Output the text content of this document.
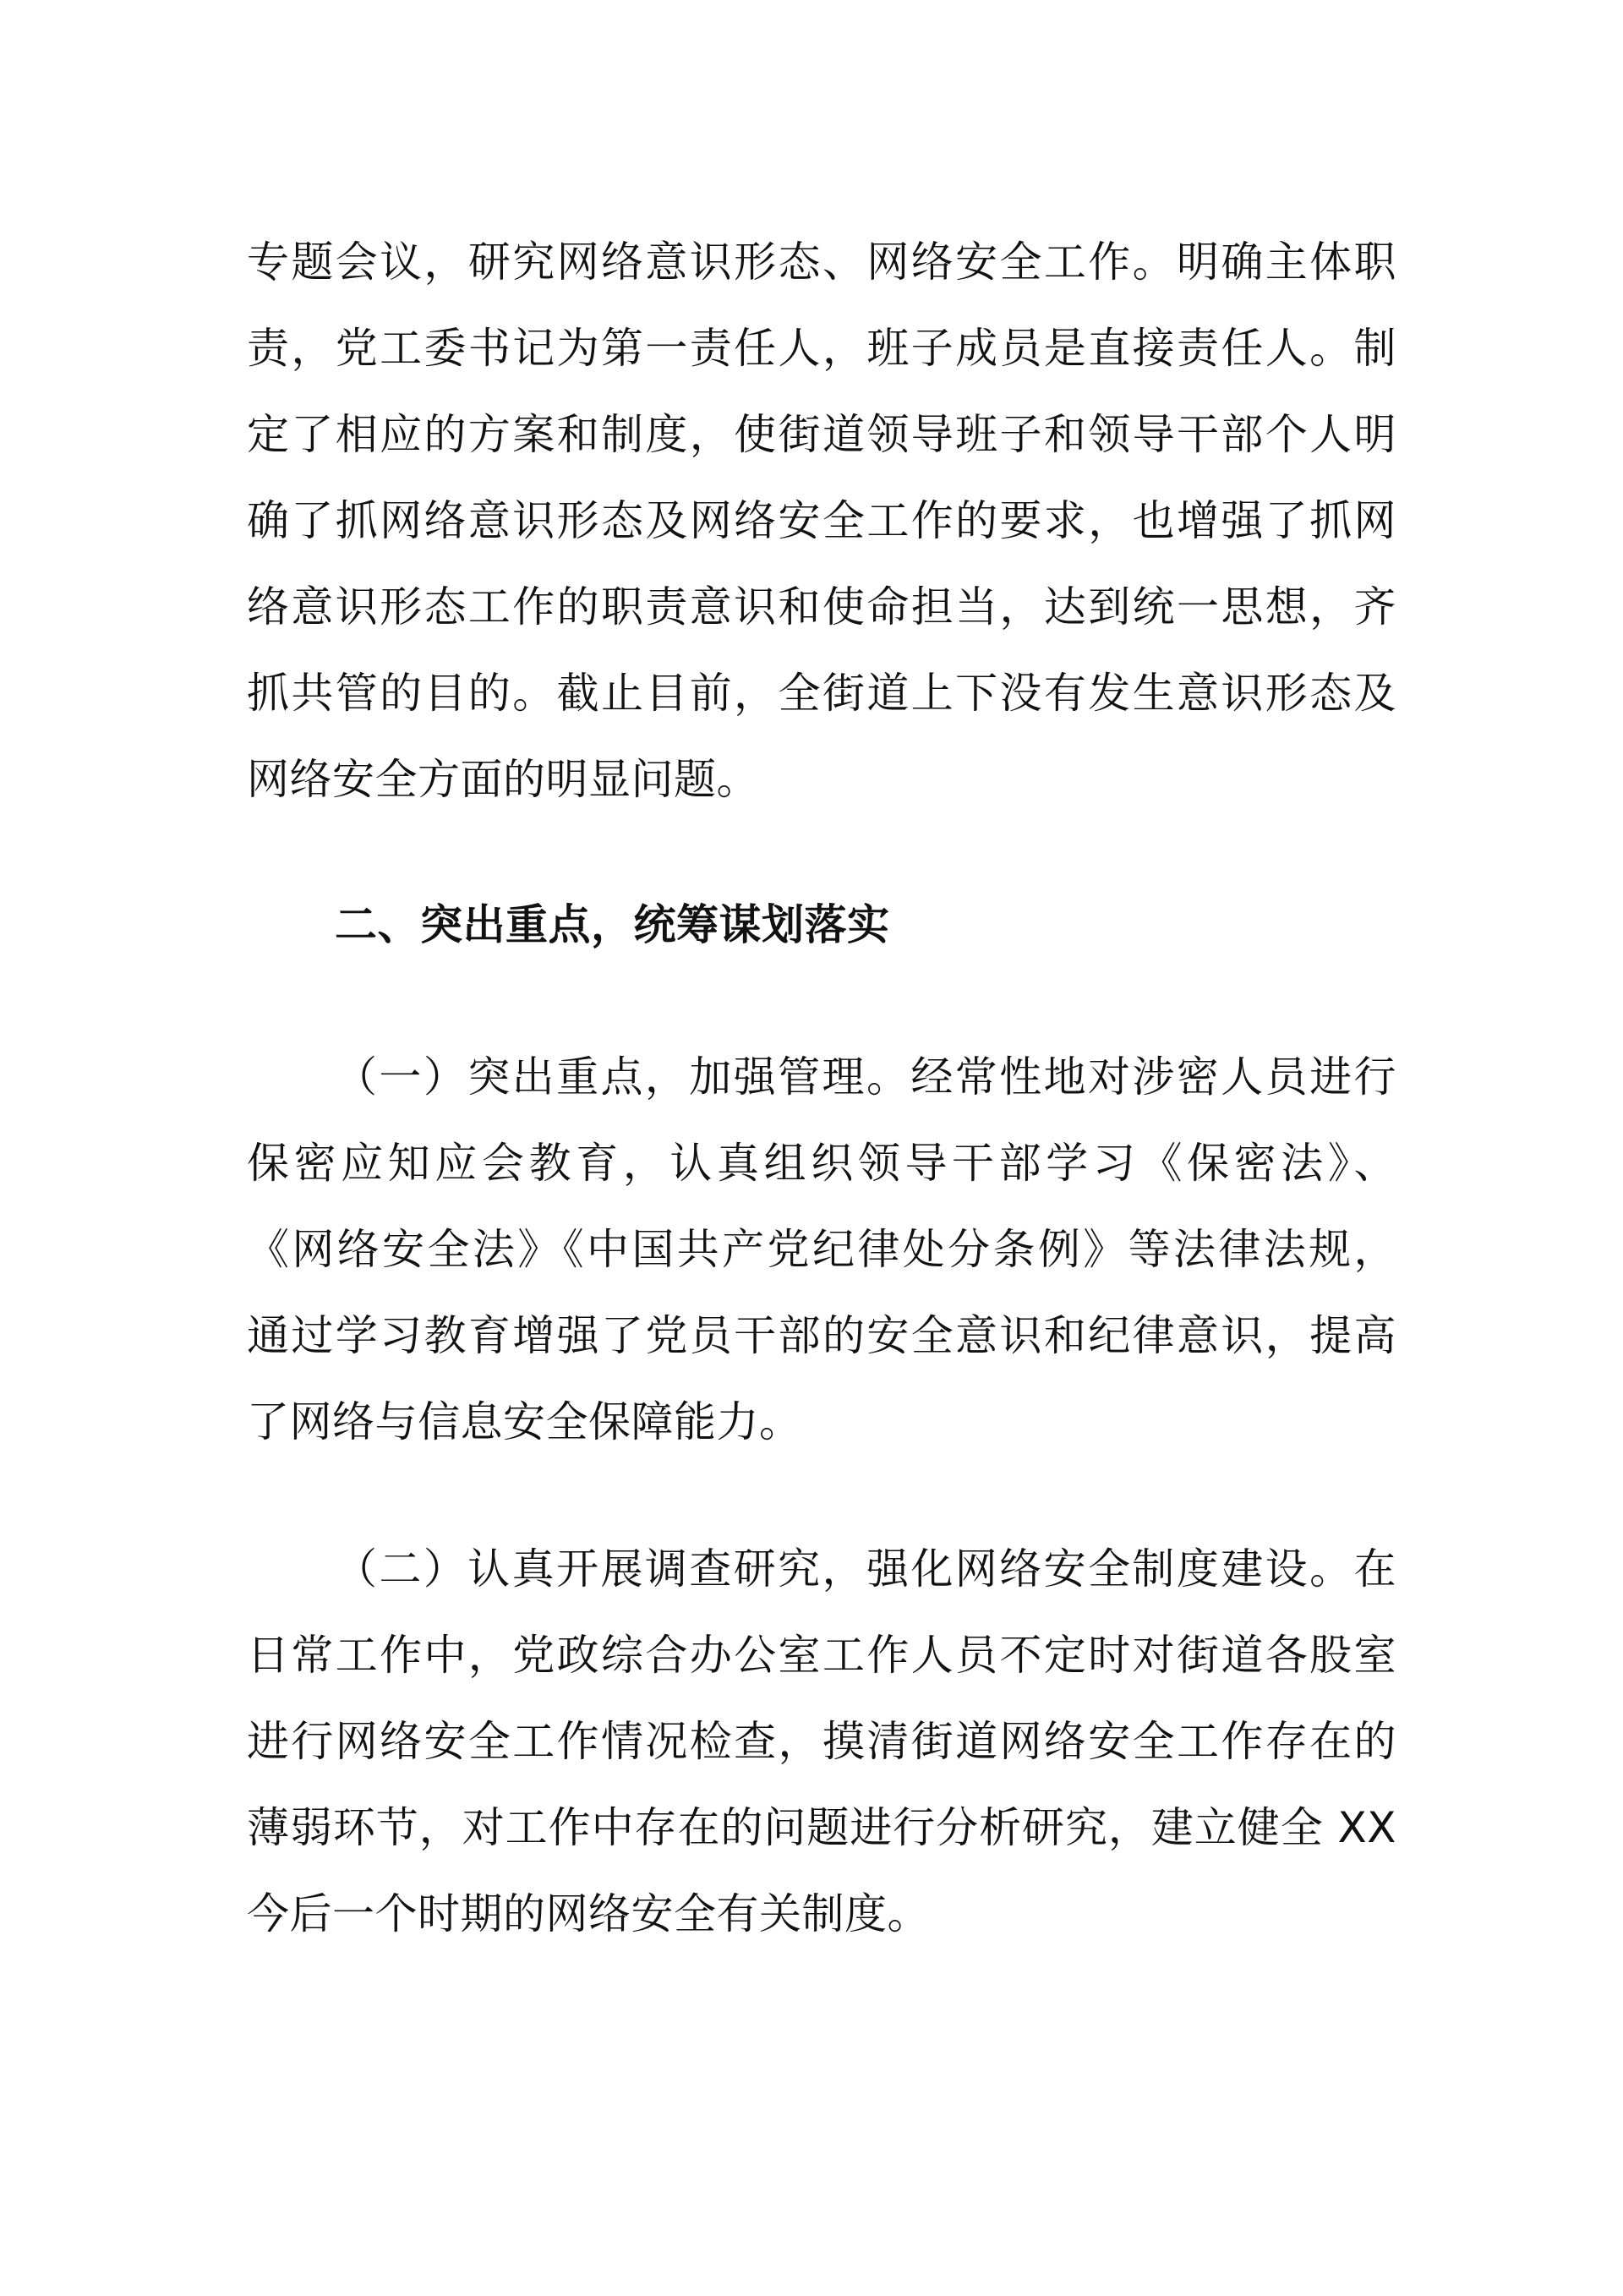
专题会议，研究网络意识形态、网络安全工作。明确主体职

责，党工委书记为第一责任人，班子成员是直接责任人。制

定了相应的方案和制度，使街道领导班子和领导干部个人明

确了抓网络意识形态及网络安全工作的要求，也增强了抓网

络意识形态工作的职责意识和使命担当，达到统一思想，齐

抓共管的目的。截止目前，全街道上下没有发生意识形态及

网络安全方面的明显问题。

二、突出重点，统筹谋划落实

（一）突出重点，加强管理。经常性地对涉密人员进行

保密应知应会教育，认真组织领导干部学习《保密法》、

《网络安全法》《中国共产党纪律处分条例》等法律法规，

通过学习教育增强了党员干部的安全意识和纪律意识，提高

了网络与信息安全保障能力。

（二）认真开展调查研究，强化网络安全制度建设。在

日常工作中，党政综合办公室工作人员不定时对街道各股室

进行网络安全工作情况检查，摸清街道网络安全工作存在的

薄弱环节，对工作中存在的问题进行分析研究，建立健全 XX

今后一个时期的网络安全有关制度。
